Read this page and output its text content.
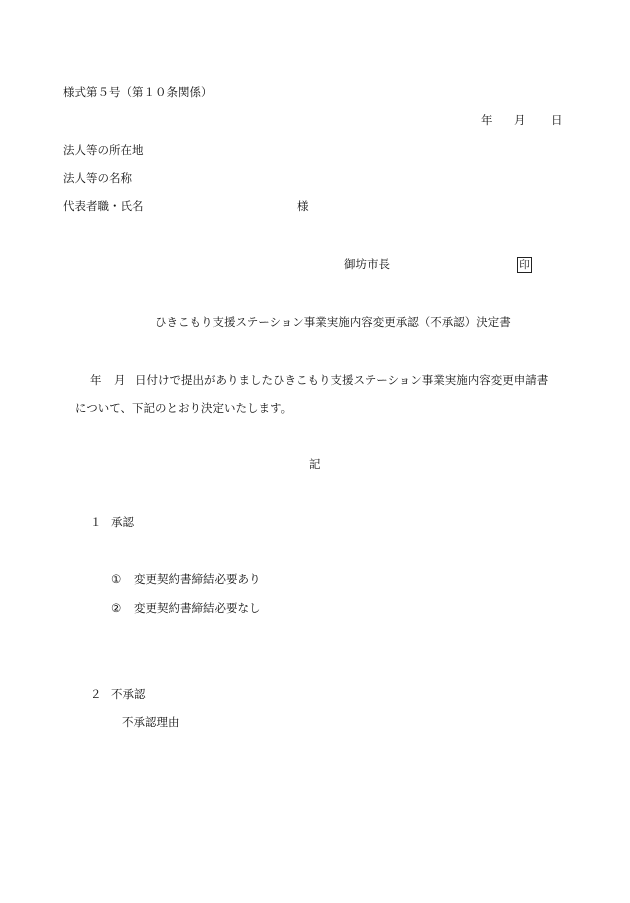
様式第５号（第１０条関係）
年 月 日
法人等の所在地
法人等の名称
代表者職・氏名	様
御坊市長	印
ひきこもり支援ステーション事業実施内容変更承認（不承認）決定書
年 月 日付けで提出がありましたひきこもり支援ステーション事業実施内容変更申請書
について、下記のとおり決定いたします。
記
１ 承認
① 変更契約書締結必要あり
② 変更契約書締結必要なし
２ 不承認
不承認理由
